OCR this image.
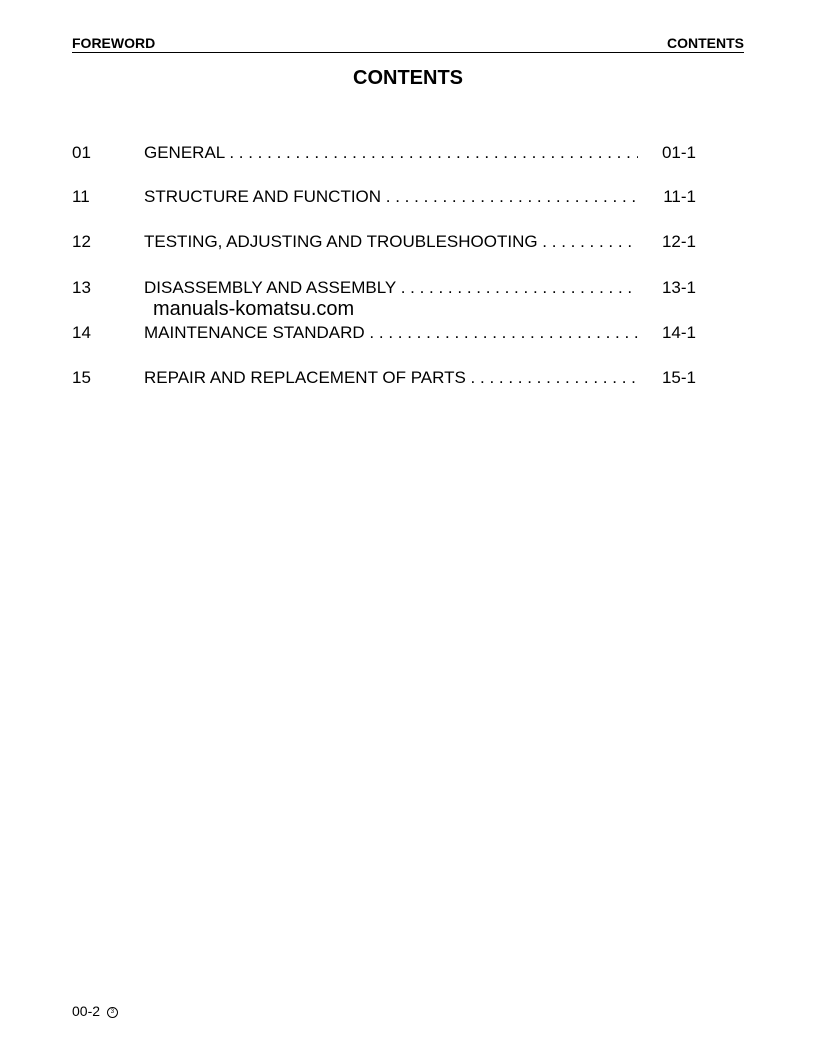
FOREWORD	CONTENTS
CONTENTS
01	GENERAL . . .	01-1
11	STRUCTURE AND FUNCTION . . .	11-1
12	TESTING, ADJUSTING AND TROUBLESHOOTING . . .	12-1
13	DISASSEMBLY AND ASSEMBLY . . .	13-1
14	MAINTENANCE STANDARD . . .	14-1
15	REPAIR AND REPLACEMENT OF PARTS . . .	15-1
manuals-komatsu.com
00-2 3
